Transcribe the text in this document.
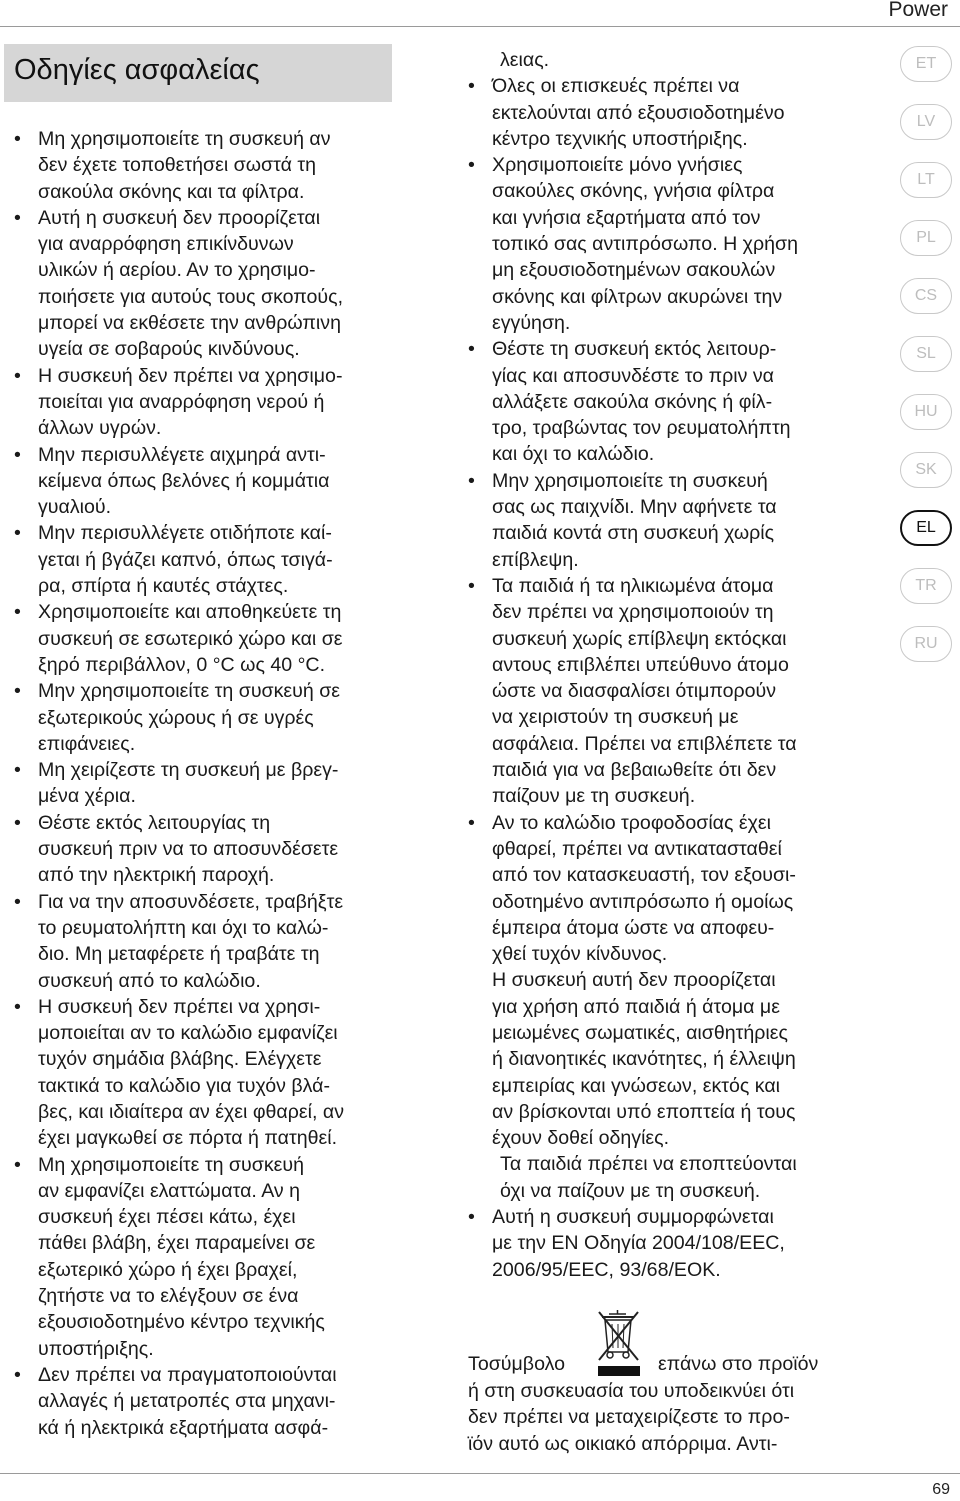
Power
Οδηγίες ασφαλείας
• Μη χρησιμοποιείτε τη συσκευή αν
δεν έχετε τοποθετήσει σωστά τη
σακούλα σκόνης και τα φίλτρα.
• Αυτή η συσκευή δεν προορίζεται
για αναρρόφηση επικίνδυνων
υλικών ή αερίου. Αν το χρησιμο-
ποιήσετε για αυτούς τους σκοπούς,
μπορεί να εκθέσετε την ανθρώπινη
υγεία σε σοβαρούς κινδύνους.
• Η συσκευή δεν πρέπει να χρησιμο-
ποιείται για αναρρόφηση νερού ή
άλλων υγρών.
• Μην περισυλλέγετε αιχμηρά αντι-
κείμενα όπως βελόνες ή κομμάτια
γυαλιού.
• Μην περισυλλέγετε οτιδήποτε καί-
γεται ή βγάζει καπνό, όπως τσιγά-
ρα, σπίρτα ή καυτές στάχτες.
• Χρησιμοποιείτε και αποθηκεύετε τη
συσκευή σε εσωτερικό χώρο και σε
ξηρό περιβάλλον, 0 °C ως 40 °C.
• Μην χρησιμοποιείτε τη συσκευή σε
εξωτερικούς χώρους ή σε υγρές
επιφάνειες.
• Μη χειρίζεστε τη συσκευή με βρεγ-
μένα χέρια.
• Θέστε εκτός λειτουργίας τη
συσκευή πριν να το αποσυνδέσετε
από την ηλεκτρική παροχή.
• Για να την αποσυνδέσετε, τραβήξτε
το ρευματολήπτη και όχι το καλώ-
διο. Μη μεταφέρετε ή τραβάτε τη
συσκευή από το καλώδιο.
• Η συσκευή δεν πρέπει να χρησι-
μοποιείται αν το καλώδιο εμφανίζει
τυχόν σημάδια βλάβης. Ελέγχετε
τακτικά το καλώδιο για τυχόν βλά-
βες, και ιδιαίτερα αν έχει φθαρεί, αν
έχει μαγκωθεί σε πόρτα ή πατηθεί.
• Μη χρησιμοποιείτε τη συσκευή
αν εμφανίζει ελαττώματα. Αν η
συσκευή έχει πέσει κάτω, έχει
πάθει βλάβη, έχει παραμείνει σε
εξωτερικό χώρο ή έχει βραχεί,
ζητήστε να το ελέγξουν σε ένα
εξουσιοδοτημένο κέντρο τεχνικής
υποστήριξης.
• Δεν πρέπει να πραγματοποιούνται
αλλαγές ή μετατροπές στα μηχανι-
κά ή ηλεκτρικά εξαρτήματα ασφά-
λειας.
• Όλες οι επισκευές πρέπει να
εκτελούνται από εξουσιοδοτημένο
κέντρο τεχνικής υποστήριξης.
• Χρησιμοποιείτε μόνο γνήσιες
σακούλες σκόνης, γνήσια φίλτρα
και γνήσια εξαρτήματα από τον
τοπικό σας αντιπρόσωπο. Η χρήση
μη εξουσιοδοτημένων σακουλών
σκόνης και φίλτρων ακυρώνει την
εγγύηση.
• Θέστε τη συσκευή εκτός λειτουρ-
γίας και αποσυνδέστε το πριν να
αλλάξετε σακούλα σκόνης ή φίλ-
τρο, τραβώντας τον ρευματολήπτη
και όχι το καλώδιο.
• Μην χρησιμοποιείτε τη συσκευή
σας ως παιχνίδι. Μην αφήνετε τα
παιδιά κοντά στη συσκευή χωρίς
επίβλεψη.
• Τα παιδιά ή τα ηλικιωμένα άτομα
δεν πρέπει να χρησιμοποιούν τη
συσκευή χωρίς επίβλεψη εκτόςκαι
αντους επιβλέπει υπεύθυνο άτομο
ώστε να διασφαλίσει ότιμπορούν
να χειριστούν τη συσκευή με
ασφάλεια. Πρέπει να επιβλέπετε τα
παιδιά για να βεβαιωθείτε ότι δεν
παίζουν με τη συσκευή.
• Αν το καλώδιο τροφοδοσίας έχει
φθαρεί, πρέπει να αντικατασταθεί
από τον κατασκευαστή, τον εξουσι-
οδοτημένο αντιπρόσωπο ή ομοίως
έμπειρα άτομα ώστε να αποφευ-
χθεί τυχόν κίνδυνος.
Η συσκευή αυτή δεν προορίζεται
για χρήση από παιδιά ή άτομα με
μειωμένες σωματικές, αισθητήριες
ή διανοητικές ικανότητες, ή έλλειψη
εμπειρίας και γνώσεων, εκτός και
αν βρίσκονται υπό εποπτεία ή τους
έχουν δοθεί οδηγίες.
Τα παιδιά πρέπει να εποπτεύονται
όχι να παίζουν με τη συσκευή.
• Αυτή η συσκευή συμμορφώνεται
με την EN Οδηγία 2004/108/EEC,
2006/95/EEC, 93/68/EOK.
Τοσύμβολο	επάνω στο προϊόν
ή στη συσκευασία του υποδεικνύει ότι
δεν πρέπει να μεταχειρίζεστε το προ-
ϊόν αυτό ως οικιακό απόρριμα. Αντι-
ET
LV
LT
PL
CS
SL
HU
SK
EL
TR
RU
69
